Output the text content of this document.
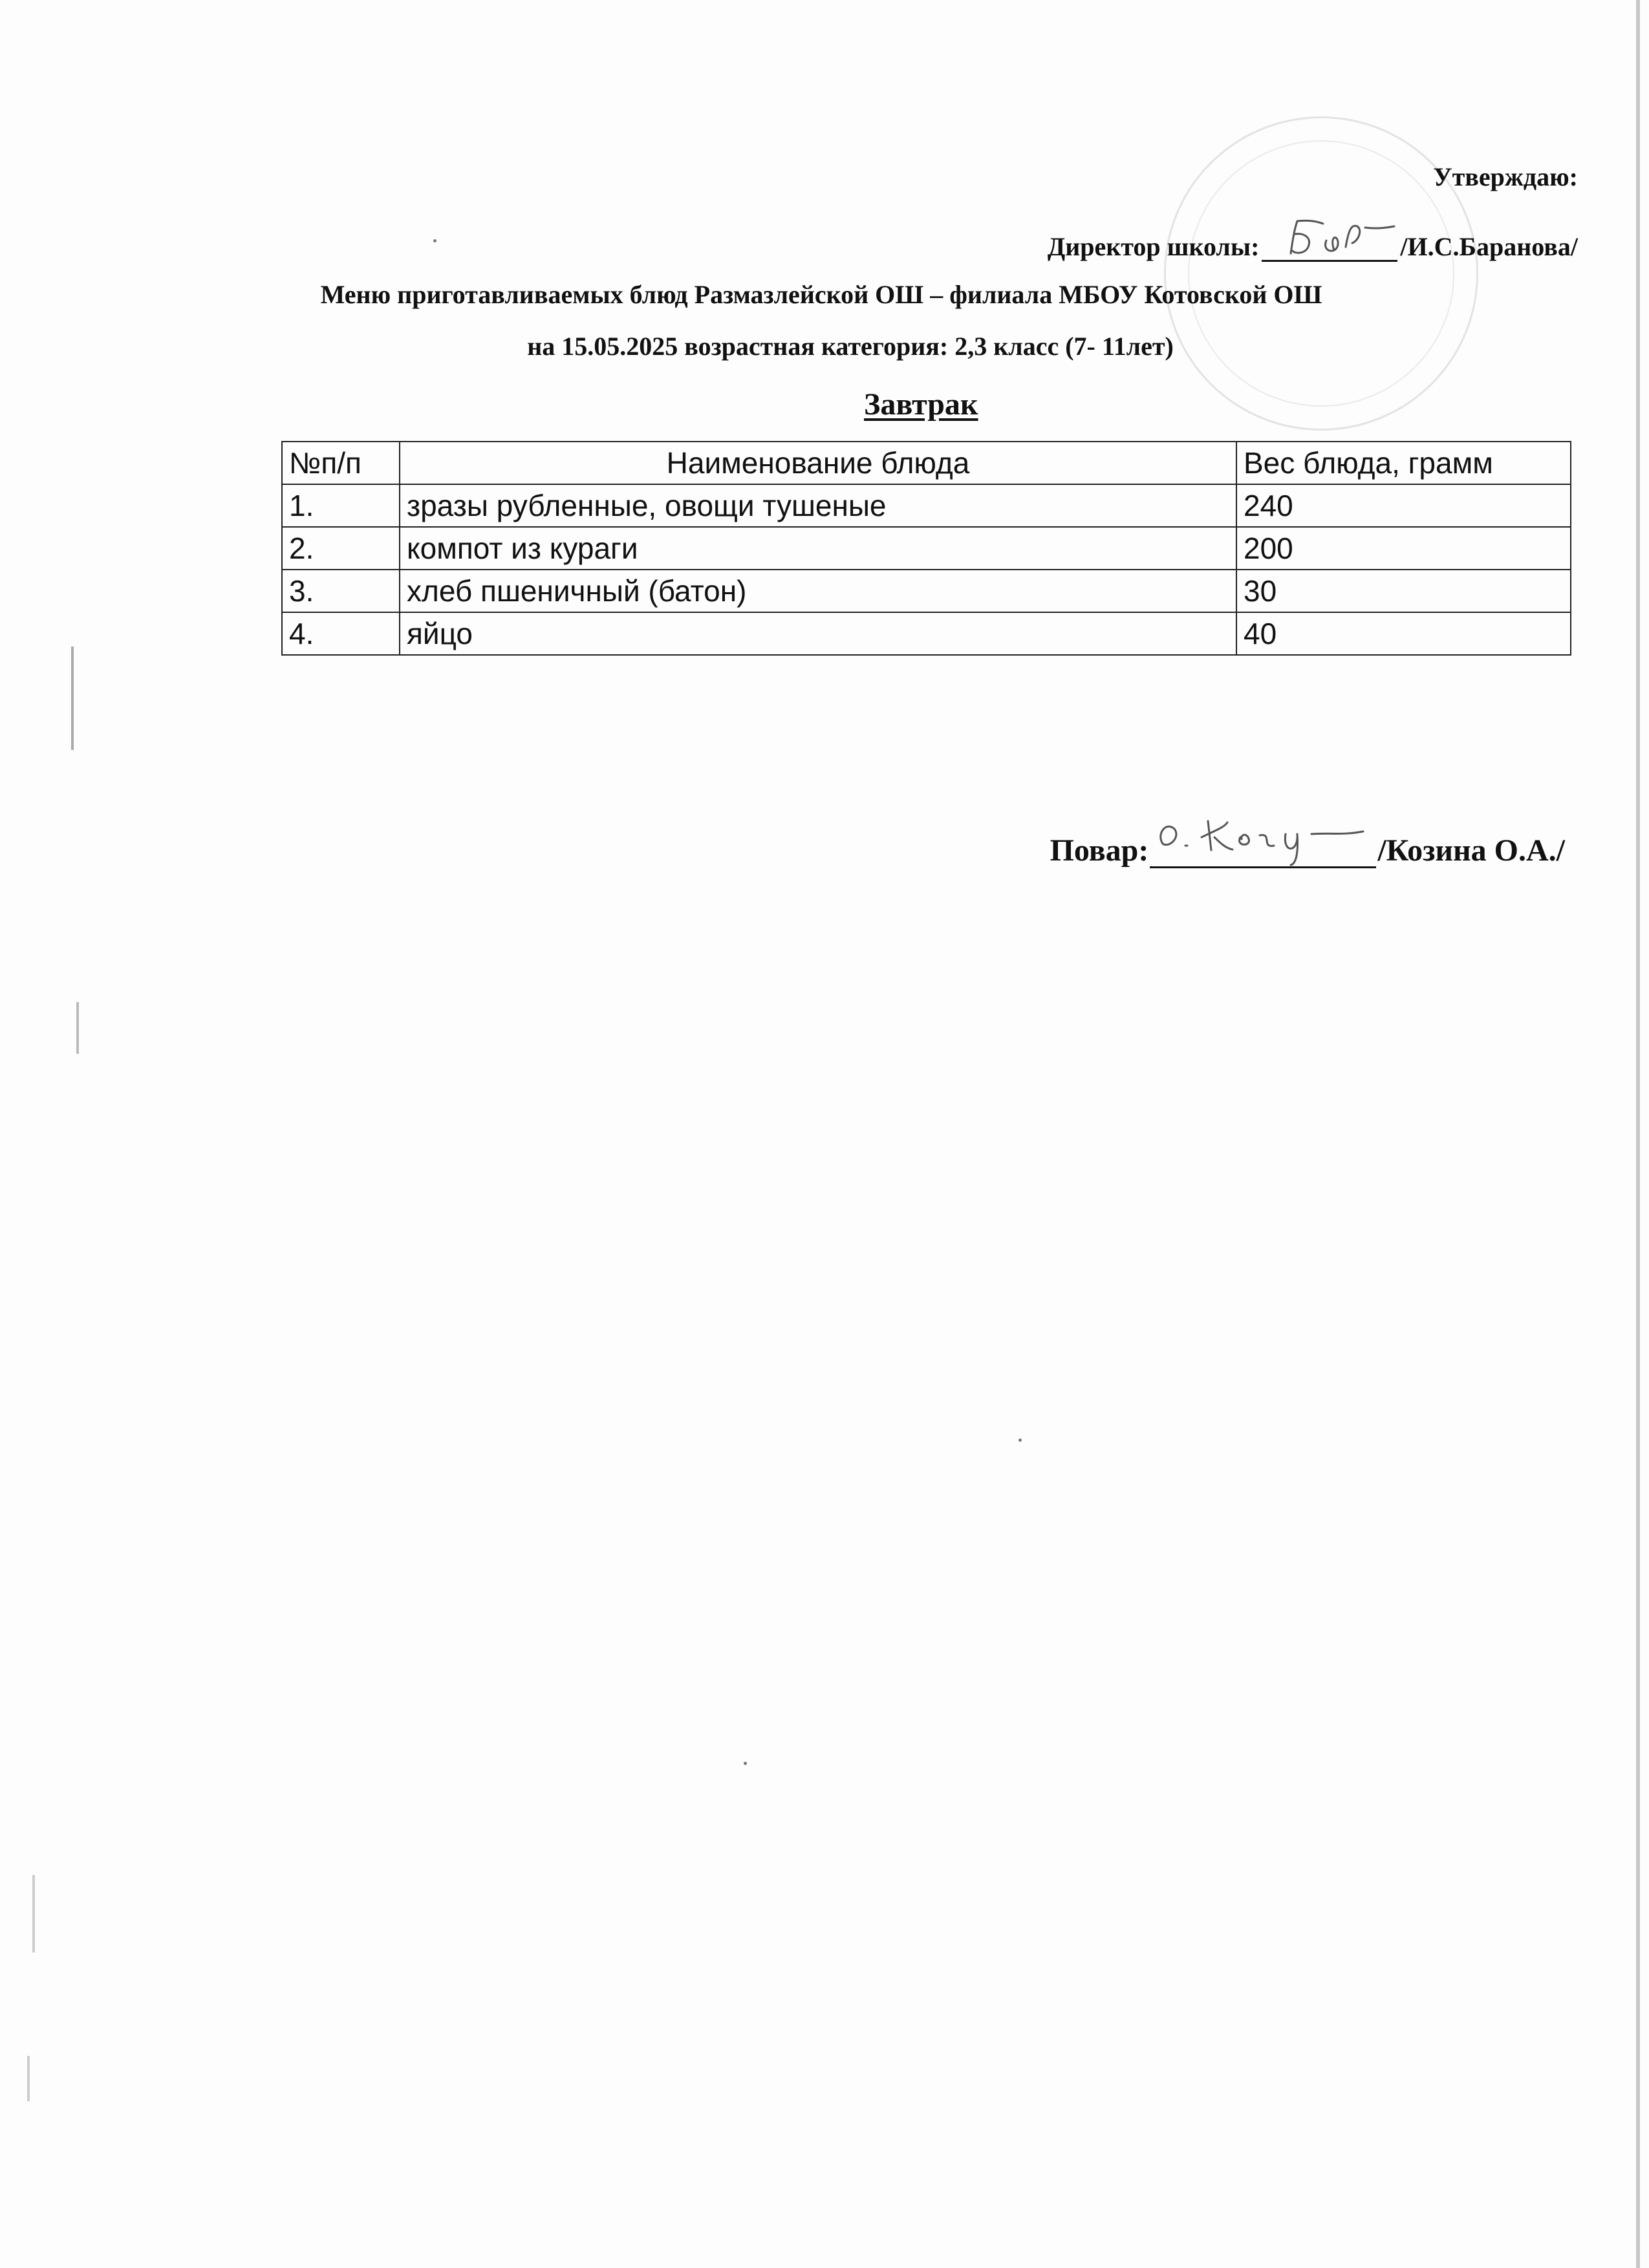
Утверждаю:
Директор школы:	/И.С.Баранова/
Меню приготавливаемых блюд Размазлейской ОШ – филиала МБОУ Котовской ОШ
на 15.05.2025 возрастная категория: 2,3 класс (7- 11лет)
Завтрак
№п/п	Наименование блюда	Вес блюда, грамм
1.	зразы рубленные, овощи тушеные	240
2.	компот из кураги	200
3.	хлеб пшеничный (батон)	30
4.	яйцо	40
Повар:	/Козина О.А./
